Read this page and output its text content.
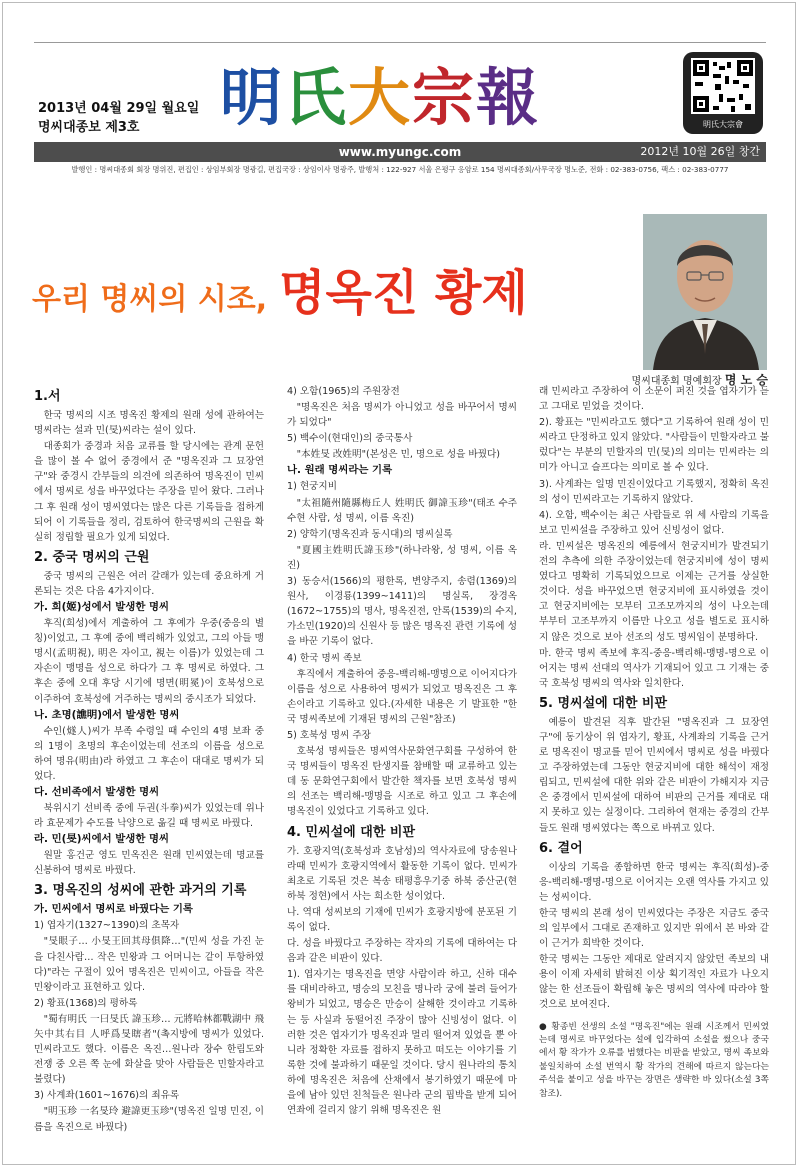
2013년 04월 29일 월요일
명씨대종보 제3호 明氏大宗報	明氏大宗會
www.myungc.com	2012년 10월 26일 창간
발행인 : 명씨대종회 회장 명위진, 편집인 : 상임부회장 명광길, 편집국장 : 상임이사 명광주, 발행처 : 122-927 서울 은평구 응암로 154 명씨대종회/사무국장 명노준, 전화 : 02-383-0756, 팩스 : 02-383-0777
우리 명씨의 시조, 명옥진 황제
명씨대종회 명예회장 명 노 승
1.서

한국 명씨의 시조 명옥진 황제의 원래 성에 관하여는 명씨라는 설과 민(旻)씨라는 설이 있다.

대종회가 중경과 처음 교류를 할 당시에는 관계 문헌을 많이 볼 수 없어 중경에서 준 "명옥진과 그 묘장연구"와 중경시 간부들의 의견에 의존하여 명옥진이 민씨에서 명씨로 성을 바꾸었다는 주장을 믿어 왔다. 그러나 그 후 원래 성이 명씨였다는 많은 다른 기록들을 접하게 되어 이 기록들을 정리, 검토하여 한국명씨의 근원을 확실히 정립할 필요가 있게 되었다.

2. 중국 명씨의 근원

중국 명씨의 근원은 여러 갈래가 있는데 중요하게 거론되는 것은 다음 4가지이다.

가. 희(姬)성에서 발생한 명씨

후직(희성)에서 계출하여 그 후예가 우중(중응의 별칭)이었고, 그 후예 중에 백리해가 있었고, 그의 아들 맹명시(孟明視), 明은 자이고, 視는 이름)가 있었는데 그 자손이 맹명을 성으로 하다가 그 후 명씨로 하였다. 그 후손 중에 오대 후당 시기에 명면(明冕)이 호북성으로 이주하여 호북성에 거주하는 명씨의 중시조가 되었다.

나. 초명(譙明)에서 발생한 명씨

수인(燧人)씨가 부족 수령일 때 수인의 4명 보좌 중의 1명이 초명의 후손이었는데 선조의 이름을 성으로 하여 명유(明由)라 하였고 그 후손이 대대로 명씨가 되었다.

다. 선비족에서 발생한 명씨

북위시기 선비족 중에 두권(斗拳)씨가 있었는데 위나라 효문제가 수도를 낙양으로 옮길 때 명씨로 바꿨다.

라. 민(旻)씨에서 발생한 명씨

원말 홍건군 영도 민옥진은 원래 민씨였는데 명교를 신봉하여 명씨로 바꿨다.

3. 명옥진의 성씨에 관한 과거의 기록
가. 민씨에서 명씨로 바꿨다는 기록

1) 엽자기(1327~1390)의 초목자

"旻眼子… 小旻王回其母俱降…"(민씨 성을 가진 눈을 다친사람… 작은 민왕과 그 어머니는 같이 투항하였다)"라는 구절이 있어 명옥진은 민씨이고, 아들을 작은 민왕이라고 표현하고 있다.

2) 황표(1368)의 평하록

"蜀有明氏 一曰旻氏 諱玉珍… 元將哈林都戰湖中 飛矢中其右目 人呼爲旻瞎者"(촉지방에 명씨가 있었다. 민씨라고도 했다. 이름은 옥진…원나라 장수 한림도와 전쟁 중 오른 쪽 눈에 화살을 맞아 사람들은 민할자라고 불렸다)

3) 사계좌(1601~1676)의 죄유록

"明玉珍 一名旻玲 避諱更玉珍"(명옥진 일명 민진, 이름을 옥진으로 바꿨다)

4) 오함(1965)의 주원장전

"명옥진은 처음 명씨가 아니었고 성을 바꾸어서 명씨가 되었다"

5) 백수이(현대인)의 중국통사

"本姓旻 改姓明"(본성은 민, 명으로 성을 바꿨다)

나. 원래 명씨라는 기록

1) 현궁지비

"太祖隨州隨縣梅丘人 姓明氏 御諱玉珍"(태조 수주 수현 사람, 성 명씨, 이름 옥진)

2) 양학기(명옥진과 동시대)의 명씨실록

"夏國主姓明氏諱玉珍"(하나라왕, 성 명씨, 이름 옥진)

3) 동승서(1566)의 평한록, 변양주지, 송렴(1369)의 원사, 이경룡(1399~1411)의 명실록, 장경옥(1672~1755)의 명사, 명옥진전, 안록(1539)의 수지, 가소민(1920)의 신원사 등 많은 명옥진 관련 기록에 성을 바꾼 기록이 없다.

4) 한국 명씨 족보

후직에서 계출하여 중응-백리해-맹명으로 이어지다가 이름을 성으로 사용하여 명씨가 되었고 명옥진은 그 후손이라고 기록하고 있다.(자세한 내용은 기 발표한 "한국 명씨족보에 기재된 명씨의 근원"참조)

5) 호북성 명씨 주장

호북성 명씨들은 명씨역사문화연구회를 구성하여 한국 명씨들이 명옥진 탄생지를 참배할 때 교류하고 있는데 동 문화연구회에서 발간한 책자를 보면 호북성 명씨의 선조는 백리해-맹명을 시조로 하고 있고 그 후손에 명옥진이 있었다고 기록하고 있다.

4. 민씨설에 대한 비판

가. 호광지역(호북성과 호남성)의 역사자료에 당송원나라때 민씨가 호광지역에서 활동한 기록이 없다. 민씨가 최초로 기록된 것은 복송 태평흥우기중 하북 중산군(현 하북 정현)에서 사는 희소한 성이었다.

나. 역대 성씨보의 기재에 민씨가 호광지방에 분포된 기록이 없다.

다. 성을 바꿨다고 주장하는 작자의 기록에 대하여는 다음과 같은 비판이 있다.

1). 엽자기는 명옥진을 면양 사람이라 하고, 신하 대수를 대비라하고, 명승의 모친을 명나라 궁에 불려 들어가 왕비가 되었고, 명승은 만승이 살해한 것이라고 기록하는 등 사실과 동떨어진 주장이 많아 신빙성이 없다. 이러한 것은 엽자기가 명옥진과 멀리 떨어져 있었을 뿐 아니라 정확한 자료를 접하지 못하고 떠도는 이야기를 기록한 것에 불과하기 때문일 것이다. 당시 원나라의 통치하에 명옥진은 처음에 산채에서 봉기하였기 때문에 마을에 남아 있던 친척들은 원나라 군의 핍박을 받게 되어 연좌에 걸리지 않기 위해 명옥진은 원

래 민씨라고 주장하여 이 소문이 퍼진 것을 엽자기가 듣고 그대로 믿었을 것이다.

2). 황표는 "민씨라고도 했다"고 기록하여 원래 성이 민씨라고 단정하고 있지 않았다. "사람들이 민할자라고 불렀다"는 부분의 민할자의 민(旻)의 의미는 민씨라는 의미가 아니고 슬프다는 의미로 볼 수 있다.

3). 사계좌는 일명 민진이었다고 기록했지, 정확히 옥진의 성이 민씨라고는 기록하지 않았다.

4). 오함, 백수이는 최근 사람들로 위 세 사람의 기록을 보고 민씨설을 주장하고 있어 신빙성이 없다.

라. 민씨설은 명옥진의 예릉에서 현궁지비가 발견되기 전의 추측에 의한 주장이었는데 현궁지비에 성이 명씨였다고 명확히 기록되었으므로 이제는 근거를 상실한 것이다. 성을 바꾸었으면 현궁지비에 표시하였을 것이고 현궁지비에는 모부터 고조모까지의 성이 나오는데 부부터 고조부까지 이름만 나오고 성을 별도로 표시하지 않은 것으로 보아 선조의 성도 명씨임이 분명하다.

마. 한국 명씨 족보에 후직-중응-백리해-맹명-명으로 이어지는 명씨 선대의 역사가 기재되어 있고 그 기재는 중국 호북성 명씨의 역사와 일치한다.

5. 명씨설에 대한 비판

예릉이 발견된 직후 발간된 "명옥진과 그 묘장연구"에 동기상이 위 엽자기, 황표, 사계좌의 기록을 근거로 명옥진이 명교를 믿어 민씨에서 명씨로 성을 바꿨다고 주장하였는데 그동안 현궁지비에 대한 해석이 재정립되고, 민씨설에 대한 위와 같은 비판이 가해지자 지금은 중경에서 민씨설에 대하여 비판의 근거를 제대로 대지 못하고 있는 실정이다. 그리하여 현재는 중경의 간부들도 원래 명씨였다는 쪽으로 바뀌고 있다.

6. 결어

이상의 기록을 종합하면 한국 명씨는 후직(희성)-중응-백리해-맹명-명으로 이어지는 오랜 역사를 가지고 있는 성씨이다.

한국 명씨의 본래 성이 민씨였다는 주장은 지금도 중국의 일부에서 그대로 존재하고 있지만 위에서 본 바와 같이 근거가 희박한 것이다.

한국 명씨는 그동안 제대로 알려지지 않았던 족보의 내용이 이제 자세히 밝혀진 이상 획기적인 자료가 나오지 않는 한 선조들이 확립해 놓은 명씨의 역사에 따라야 할 것으로 보여진다.

● 황종빈 선생의 소설 "명옥진"에는 원래 시조께서 민씨였는데 명씨로 바꾸었다는 설에 입각하여 소설을 썼으나 중국에서 황 작가가 오류를 범했다는 비판을 받았고, 명씨 족보와 불일치하여 소설 번역시 황 작가의 견해에 따르지 않는다는 주석을 붙이고 성을 바꾸는 장면은 생략한 바 있다(소설 3쪽 참조).
